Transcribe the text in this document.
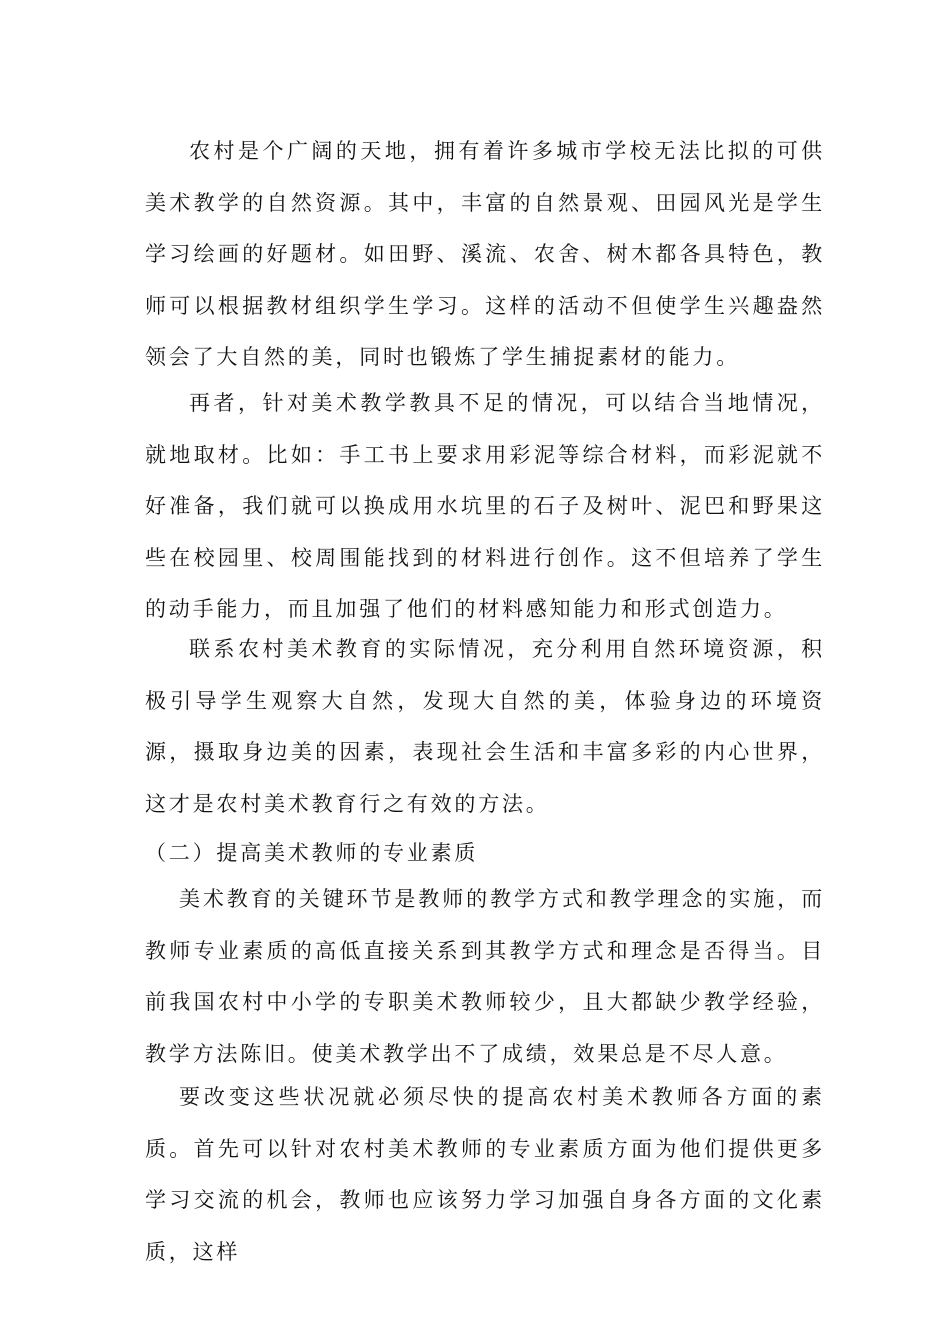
农村是个广阔的天地，拥有着许多城市学校无法比拟的可供美术教学的自然资源。其中，丰富的自然景观、田园风光是学生学习绘画的好题材。如田野、溪流、农舍、树木都各具特色，教师可以根据教材组织学生学习。这样的活动不但使学生兴趣盎然领会了大自然的美，同时也锻炼了学生捕捉素材的能力。

再者，针对美术教学教具不足的情况，可以结合当地情况，就地取材。比如：手工书上要求用彩泥等综合材料，而彩泥就不好准备，我们就可以换成用水坑里的石子及树叶、泥巴和野果这些在校园里、校周围能找到的材料进行创作。这不但培养了学生的动手能力，而且加强了他们的材料感知能力和形式创造力。

联系农村美术教育的实际情况，充分利用自然环境资源，积极引导学生观察大自然，发现大自然的美，体验身边的环境资源，摄取身边美的因素，表现社会生活和丰富多彩的内心世界，这才是农村美术教育行之有效的方法。

（二）提高美术教师的专业素质

美术教育的关键环节是教师的教学方式和教学理念的实施，而教师专业素质的高低直接关系到其教学方式和理念是否得当。目前我国农村中小学的专职美术教师较少，且大都缺少教学经验，教学方法陈旧。使美术教学出不了成绩，效果总是不尽人意。

要改变这些状况就必须尽快的提高农村美术教师各方面的素质。首先可以针对农村美术教师的专业素质方面为他们提供更多学习交流的机会，教师也应该努力学习加强自身各方面的文化素质，这样
